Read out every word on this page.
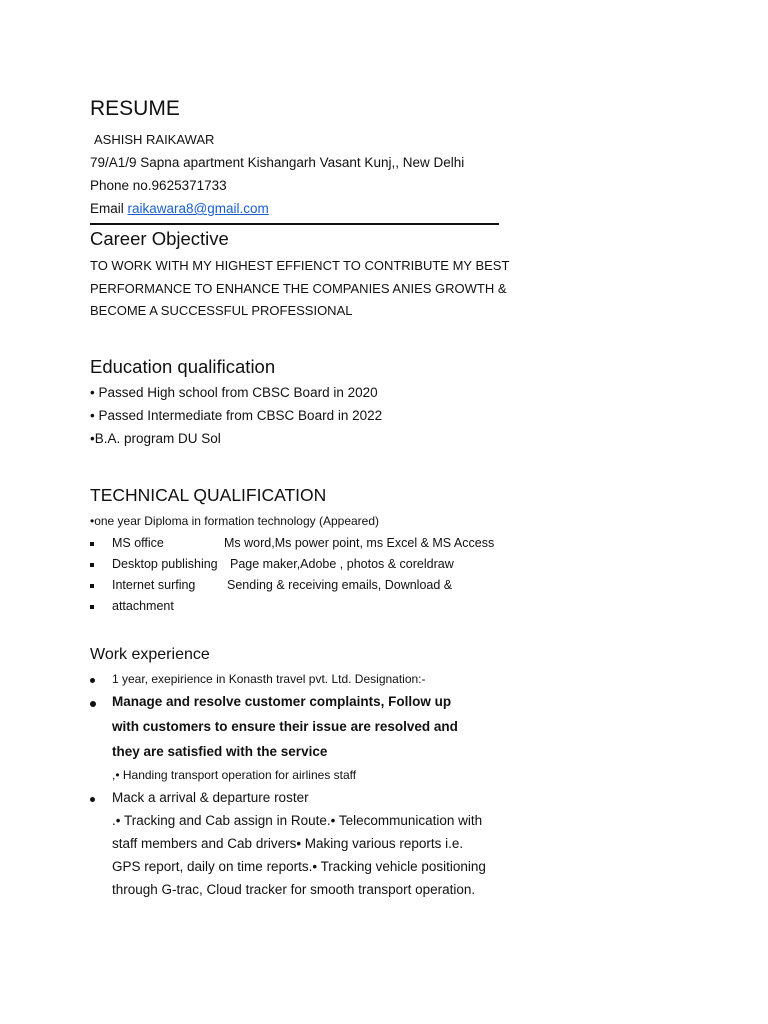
RESUME
ASHISH RAIKAWAR
79/A1/9 Sapna apartment Kishangarh Vasant Kunj,, New Delhi
Phone no.9625371733
Email raikawara8@gmail.com
Career Objective
TO WORK WITH MY HIGHEST EFFIENCT TO CONTRIBUTE MY BEST
PERFORMANCE TO ENHANCE THE COMPANIES ANIES GROWTH &
BECOME A SUCCESSFUL PROFESSIONAL
Education qualification
• Passed High school from CBSC Board in 2020
• Passed Intermediate from CBSC Board in 2022
•B.A. program DU Sol
TECHNICAL QUALIFICATION
•one year Diploma in formation technology (Appeared)
MS office	Ms word,Ms power point, ms Excel & MS Access
Desktop publishing Page maker,Adobe , photos & coreldraw
Internet surfing	Sending & receiving emails, Download &
attachment
Work experience
1 year, exepirience in Konasth travel pvt. Ltd. Designation:-
Manage and resolve customer complaints, Follow up
with customers to ensure their issue are resolved and
they are satisfied with the service
,• Handing transport operation for airlines staff
Mack a arrival & departure roster
.• Tracking and Cab assign in Route.• Telecommunication with
staff members and Cab drivers• Making various reports i.e.
GPS report, daily on time reports.• Tracking vehicle positioning
through G-trac, Cloud tracker for smooth transport operation.
